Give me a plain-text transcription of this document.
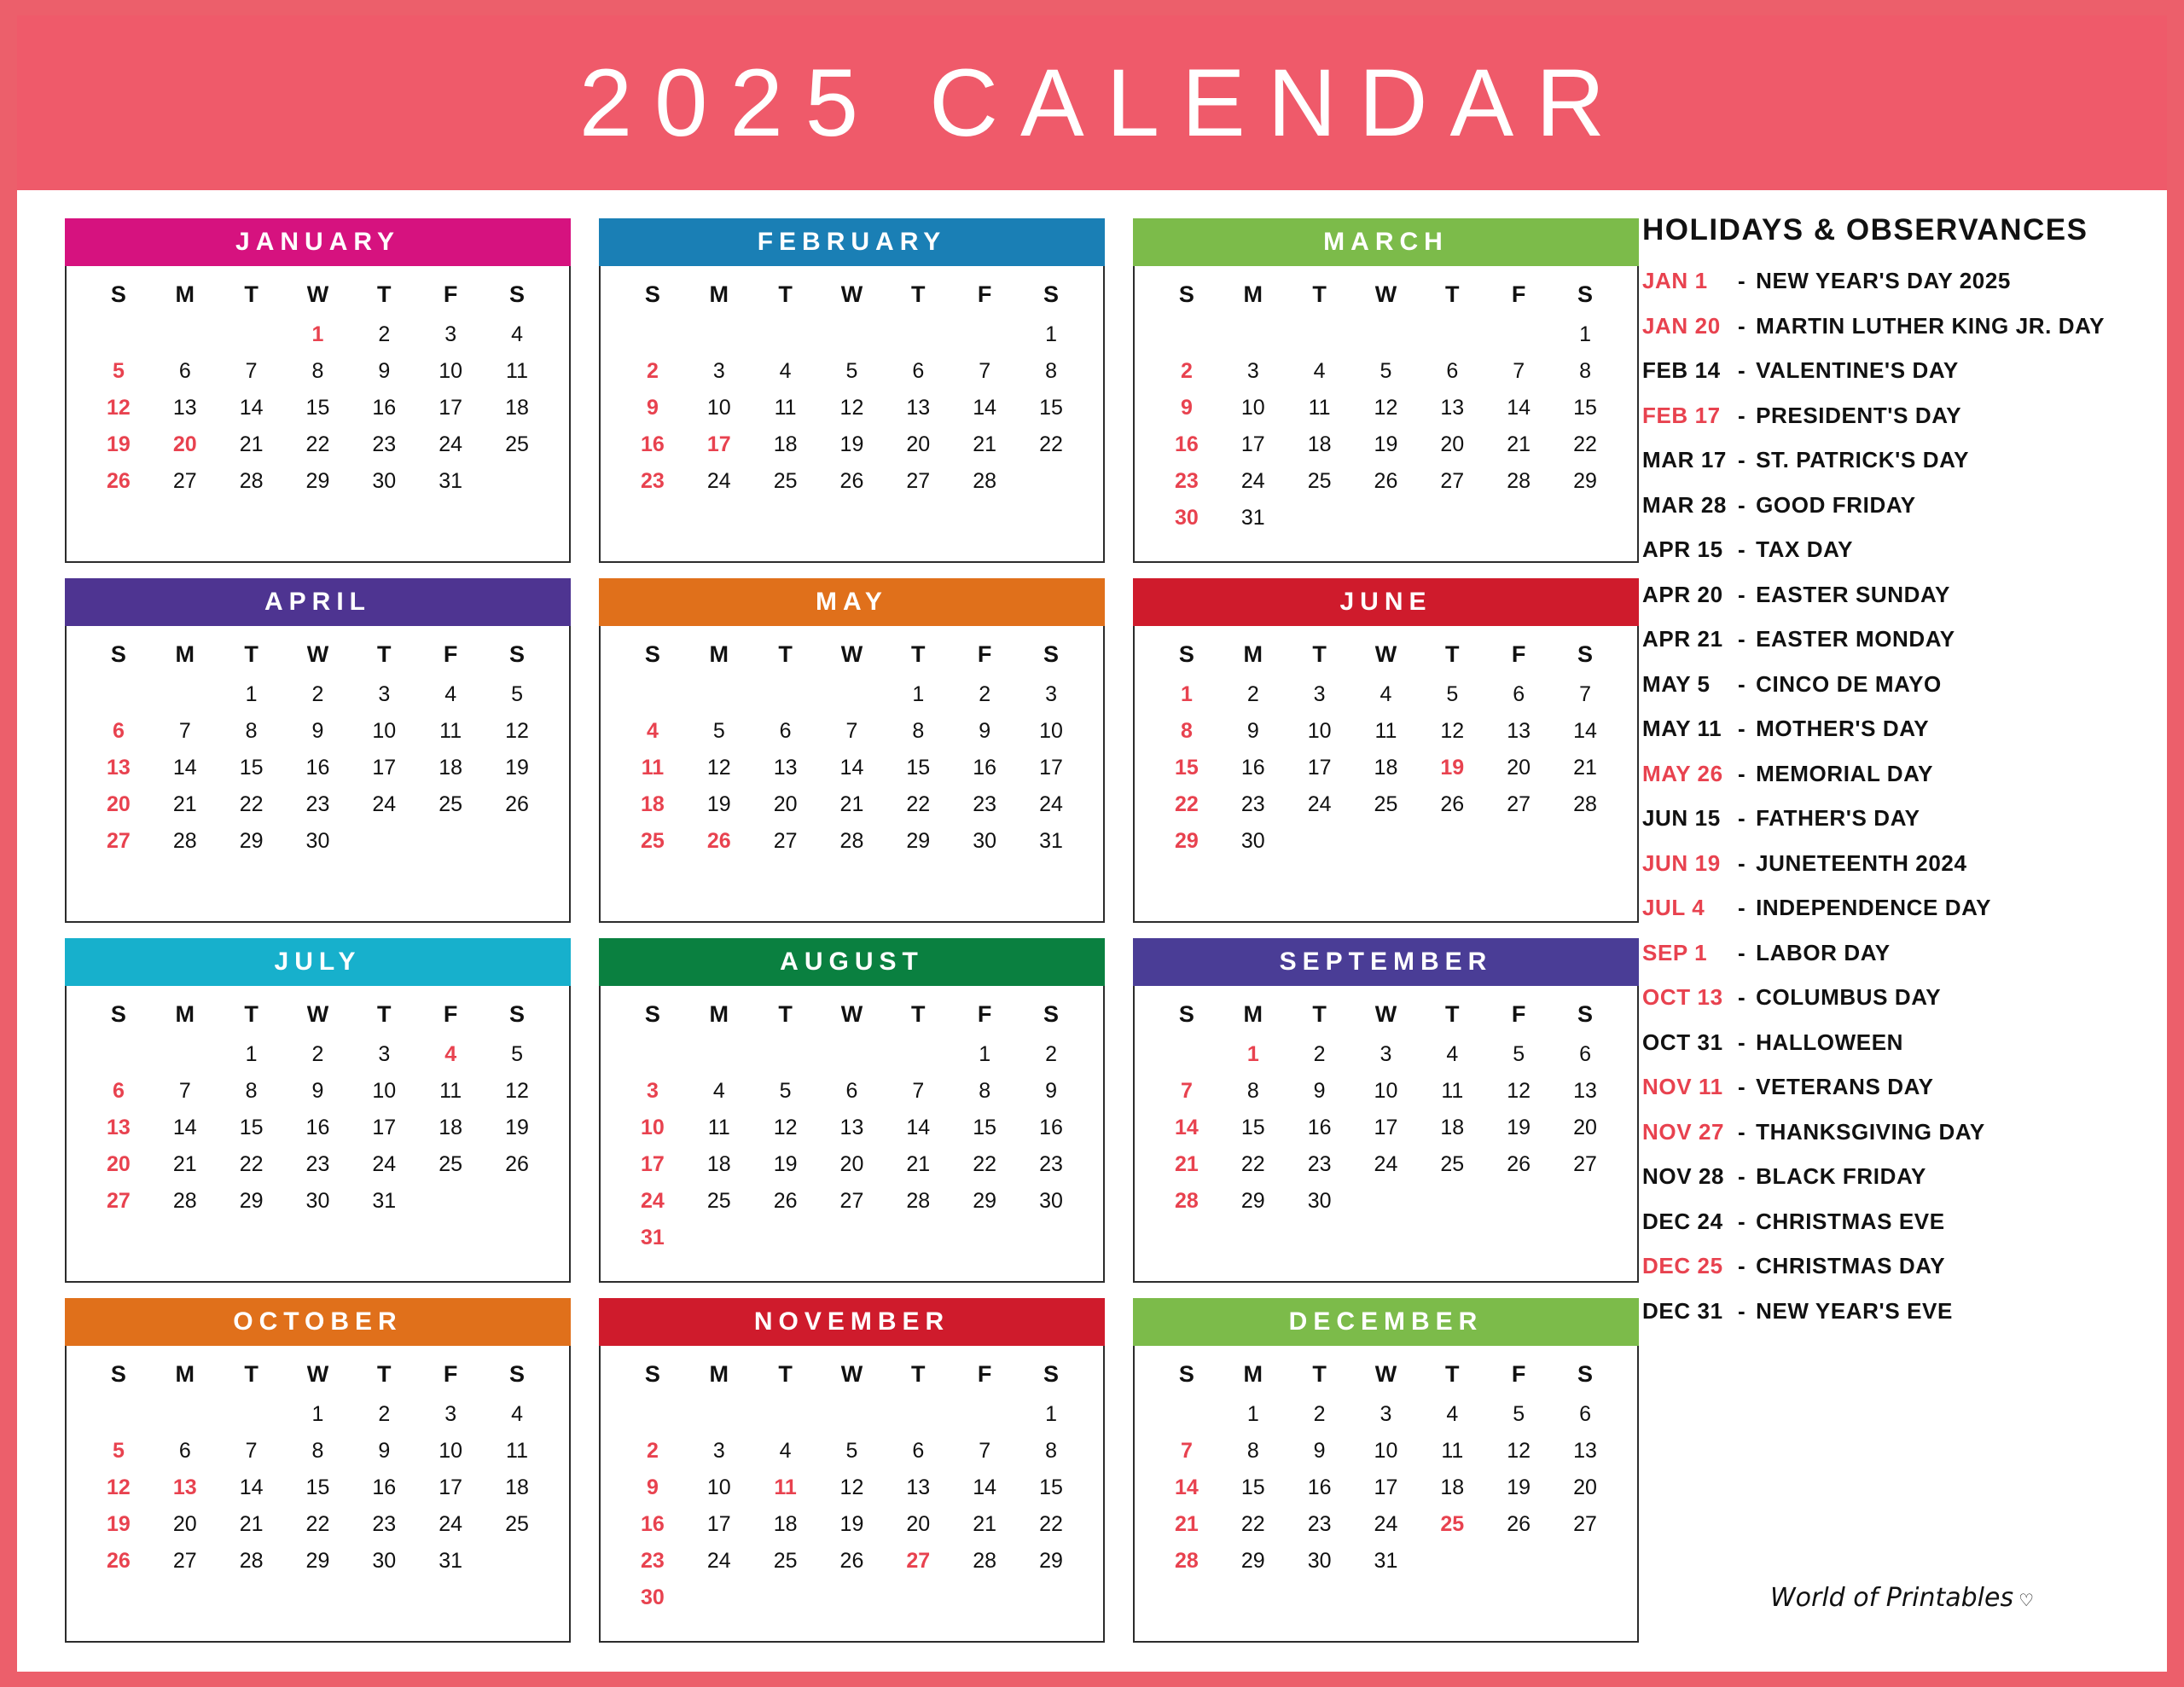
2025 CALENDAR
JANUARY
S	M	T	W	T	F	S
			1	2	3	4
5	6	7	8	9	10	11
12	13	14	15	16	17	18
19	20	21	22	23	24	25
26	27	28	29	30	31	
FEBRUARY
S	M	T	W	T	F	S
						1
2	3	4	5	6	7	8
9	10	11	12	13	14	15
16	17	18	19	20	21	22
23	24	25	26	27	28	
MARCH
S	M	T	W	T	F	S
						1
2	3	4	5	6	7	8
9	10	11	12	13	14	15
16	17	18	19	20	21	22
23	24	25	26	27	28	29
30	31					
APRIL
S	M	T	W	T	F	S
		1	2	3	4	5
6	7	8	9	10	11	12
13	14	15	16	17	18	19
20	21	22	23	24	25	26
27	28	29	30			
MAY
S	M	T	W	T	F	S
				1	2	3
4	5	6	7	8	9	10
11	12	13	14	15	16	17
18	19	20	21	22	23	24
25	26	27	28	29	30	31
JUNE
S	M	T	W	T	F	S
1	2	3	4	5	6	7
8	9	10	11	12	13	14
15	16	17	18	19	20	21
22	23	24	25	26	27	28
29	30					
JULY
S	M	T	W	T	F	S
		1	2	3	4	5
6	7	8	9	10	11	12
13	14	15	16	17	18	19
20	21	22	23	24	25	26
27	28	29	30	31		
AUGUST
S	M	T	W	T	F	S
					1	2
3	4	5	6	7	8	9
10	11	12	13	14	15	16
17	18	19	20	21	22	23
24	25	26	27	28	29	30
31						
SEPTEMBER
S	M	T	W	T	F	S
	1	2	3	4	5	6
7	8	9	10	11	12	13
14	15	16	17	18	19	20
21	22	23	24	25	26	27
28	29	30				
OCTOBER
S	M	T	W	T	F	S
			1	2	3	4
5	6	7	8	9	10	11
12	13	14	15	16	17	18
19	20	21	22	23	24	25
26	27	28	29	30	31	
NOVEMBER
S	M	T	W	T	F	S
						1
2	3	4	5	6	7	8
9	10	11	12	13	14	15
16	17	18	19	20	21	22
23	24	25	26	27	28	29
30						
DECEMBER
S	M	T	W	T	F	S
	1	2	3	4	5	6
7	8	9	10	11	12	13
14	15	16	17	18	19	20
21	22	23	24	25	26	27
28	29	30	31			
HOLIDAYS & OBSERVANCES
JAN 1 - NEW YEAR'S DAY 2025
JAN 20 - MARTIN LUTHER KING JR. DAY
FEB 14 - VALENTINE'S DAY
FEB 17 - PRESIDENT'S DAY
MAR 17 - ST. PATRICK'S DAY
MAR 28 - GOOD FRIDAY
APR 15 - TAX DAY
APR 20 - EASTER SUNDAY
APR 21 - EASTER MONDAY
MAY 5 - CINCO DE MAYO
MAY 11 - MOTHER'S DAY
MAY 26 - MEMORIAL DAY
JUN 15 - FATHER'S DAY
JUN 19 - JUNETEENTH 2024
JUL 4 - INDEPENDENCE DAY
SEP 1 - LABOR DAY
OCT 13 - COLUMBUS DAY
OCT 31 - HALLOWEEN
NOV 11 - VETERANS DAY
NOV 27 - THANKSGIVING DAY
NOV 28 - BLACK FRIDAY
DEC 24 - CHRISTMAS EVE
DEC 25 - CHRISTMAS DAY
DEC 31 - NEW YEAR'S EVE
World of Printables ♡
